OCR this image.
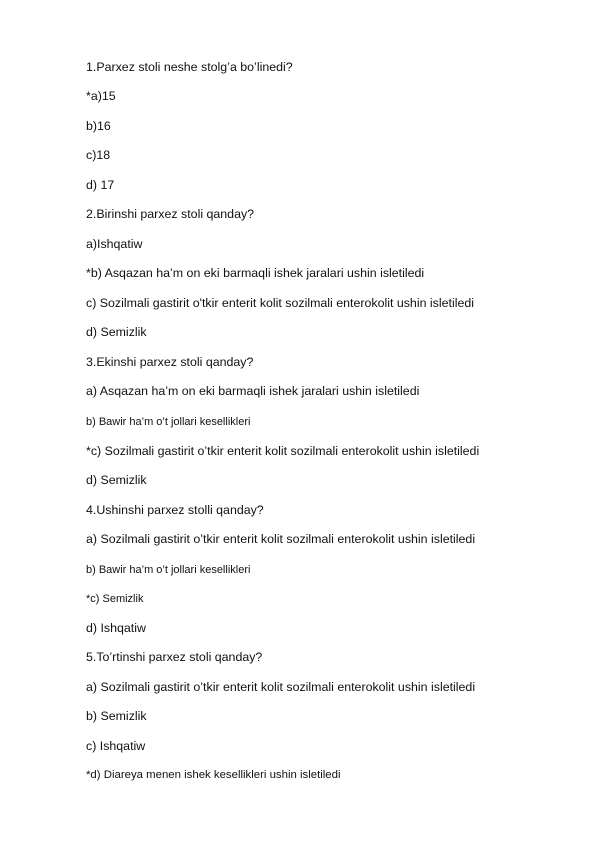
1.Parxez stoli neshe stolg’a bo’linedi?
*a)15
b)16
c)18
d) 17
2.Birinshi parxez stoli qanday?
a)Ishqatiw
*b) Asqazan ha’m on eki barmaqli ishek jaralari ushin isletiledi
c) Sozilmali gastirit o'tkir enterit kolit sozilmali enterokolit ushin isletiledi
d) Semizlik
3.Ekinshi parxez stoli qanday?
a) Asqazan ha’m on eki barmaqli ishek jaralari ushin isletiledi
b) Bawir ha’m o’t jollari kesellikleri
*c) Sozilmali gastirit o’tkir enterit kolit sozilmali enterokolit ushin isletiledi
d) Semizlik
4.Ushinshi parxez stolli qanday?
a) Sozilmali gastirit o’tkir enterit kolit sozilmali enterokolit ushin isletiledi
b) Bawir ha’m o’t jollari kesellikleri
*c) Semizlik
d) Ishqatiw
5.To’rtinshi parxez stoli qanday?
a) Sozilmali gastirit o’tkir enterit kolit sozilmali enterokolit ushin isletiledi
b) Semizlik
c) Ishqatiw
*d) Diareya menen ishek kesellikleri ushin isletiledi
